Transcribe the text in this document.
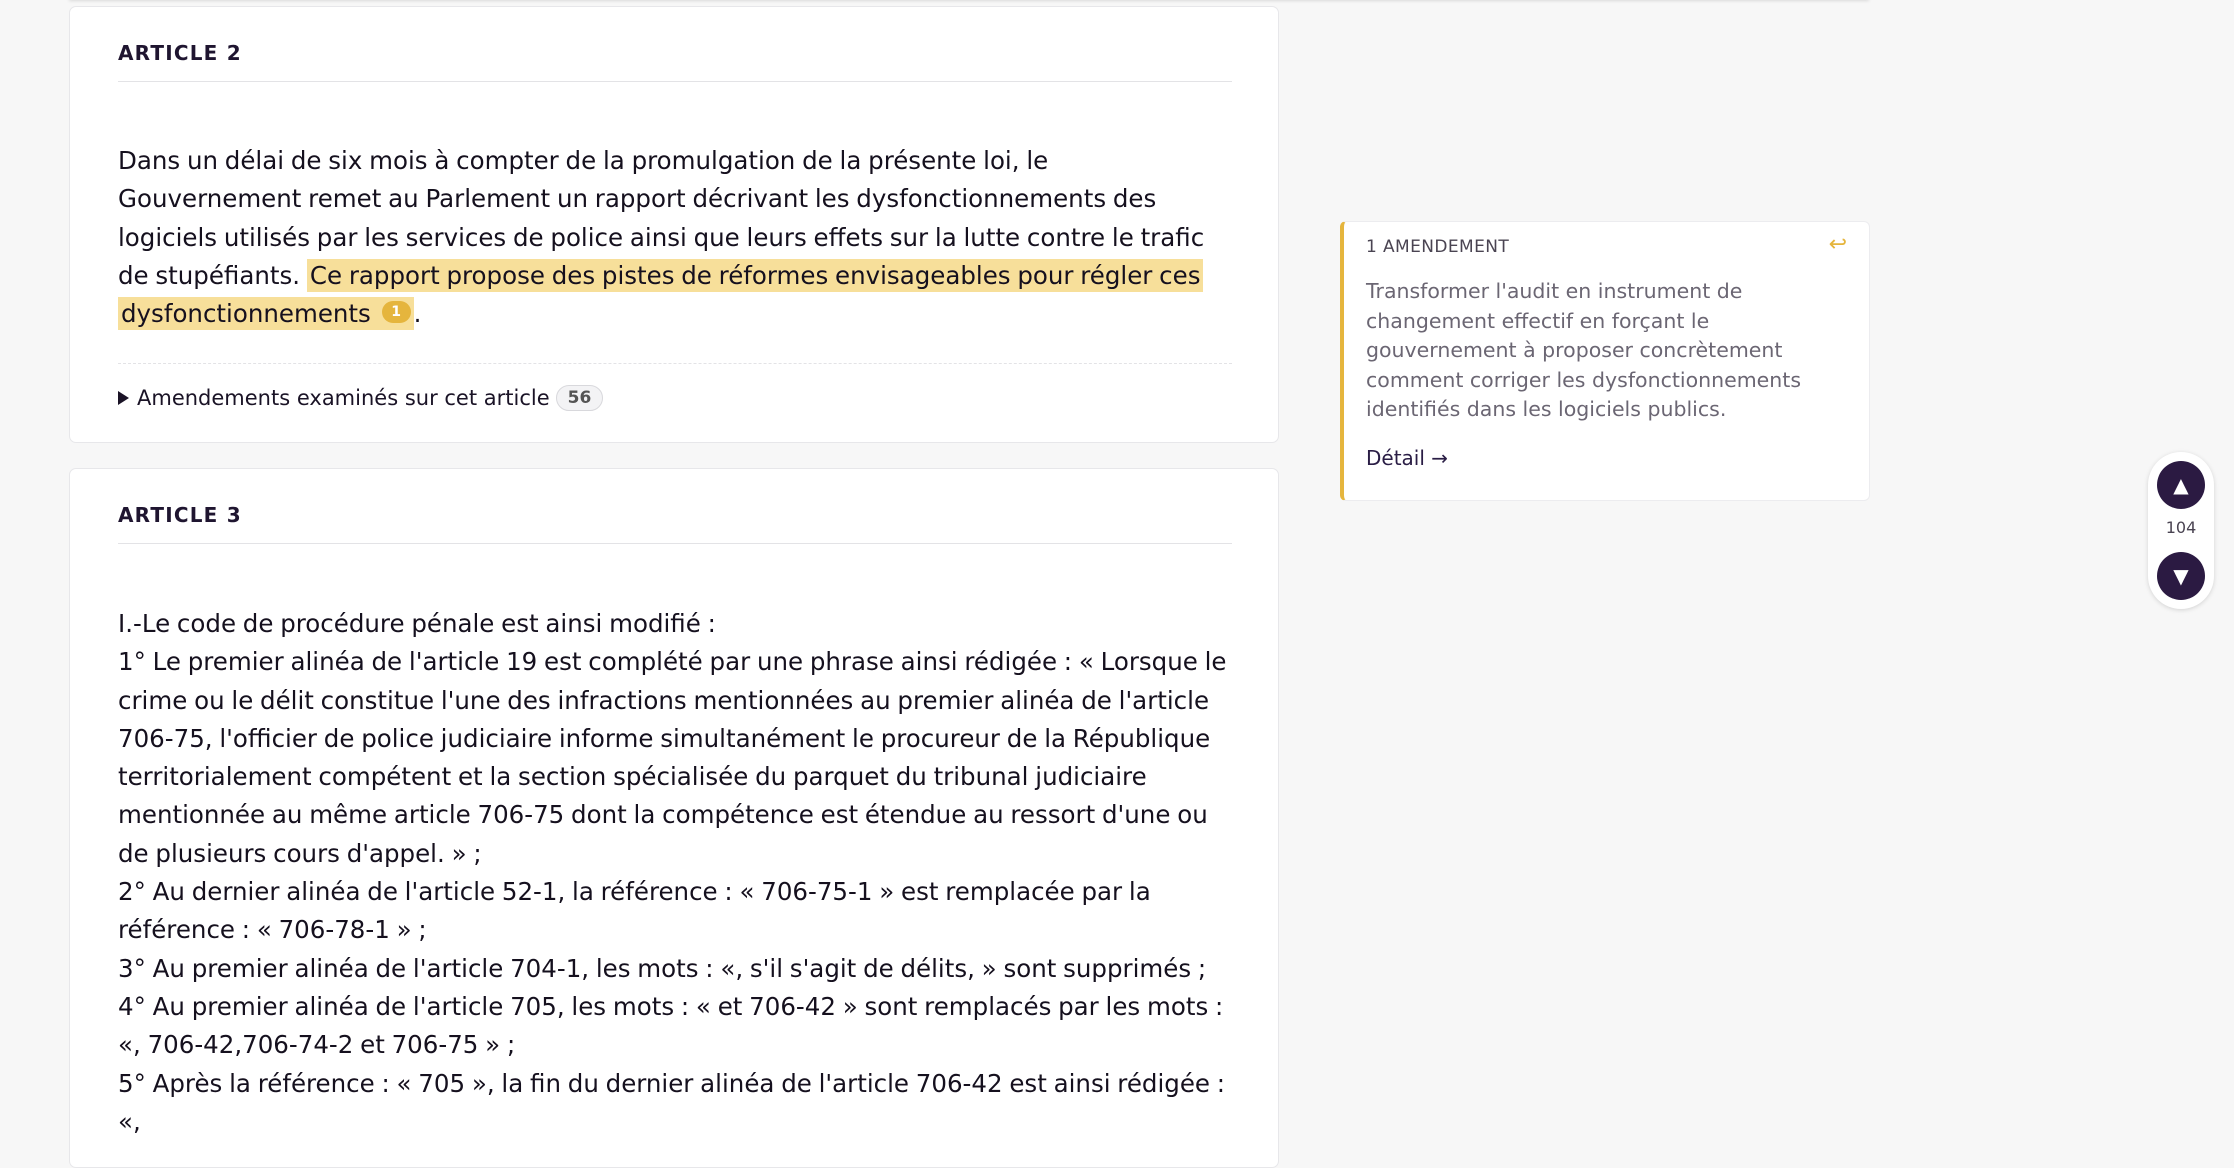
ARTICLE 2
Dans un délai de six mois à compter de la promulgation de la présente loi, le Gouvernement remet au Parlement un rapport décrivant les dysfonctionnements des logiciels utilisés par les services de police ainsi que leurs effets sur la lutte contre le trafic de stupéfiants. Ce rapport propose des pistes de réformes envisageables pour régler ces dysfonctionnements 1 .
Amendements examinés sur cet article	56
ARTICLE 3

I.-Le code de procédure pénale est ainsi modifié :

1° Le premier alinéa de l'article 19 est complété par une phrase ainsi rédigée : « Lorsque le crime ou le délit constitue l'une des infractions mentionnées au premier alinéa de l'article 706-75, l'officier de police judiciaire informe simultanément le procureur de la République territorialement compétent et la section spécialisée du parquet du tribunal judiciaire mentionnée au même article 706-75 dont la compétence est étendue au ressort d'une ou de plusieurs cours d'appel. » ;

2° Au dernier alinéa de l'article 52-1, la référence : « 706-75-1 » est remplacée par la référence : « 706-78-1 » ;

3° Au premier alinéa de l'article 704-1, les mots : «, s'il s'agit de délits, » sont supprimés ;

4° Au premier alinéa de l'article 705, les mots : « et 706-42 » sont remplacés par les mots : «, 706-42,706-74-2 et 706-75 » ;

5° Après la référence : « 705 », la fin du dernier alinéa de l'article 706-42 est ainsi rédigée : «,

1 AMENDEMENT	↩
Transformer l'audit en instrument de changement effectif en forçant le gouvernement à proposer concrètement comment corriger les dysfonctionnements identifiés dans les logiciels publics.
Détail →
▲
104
▼
